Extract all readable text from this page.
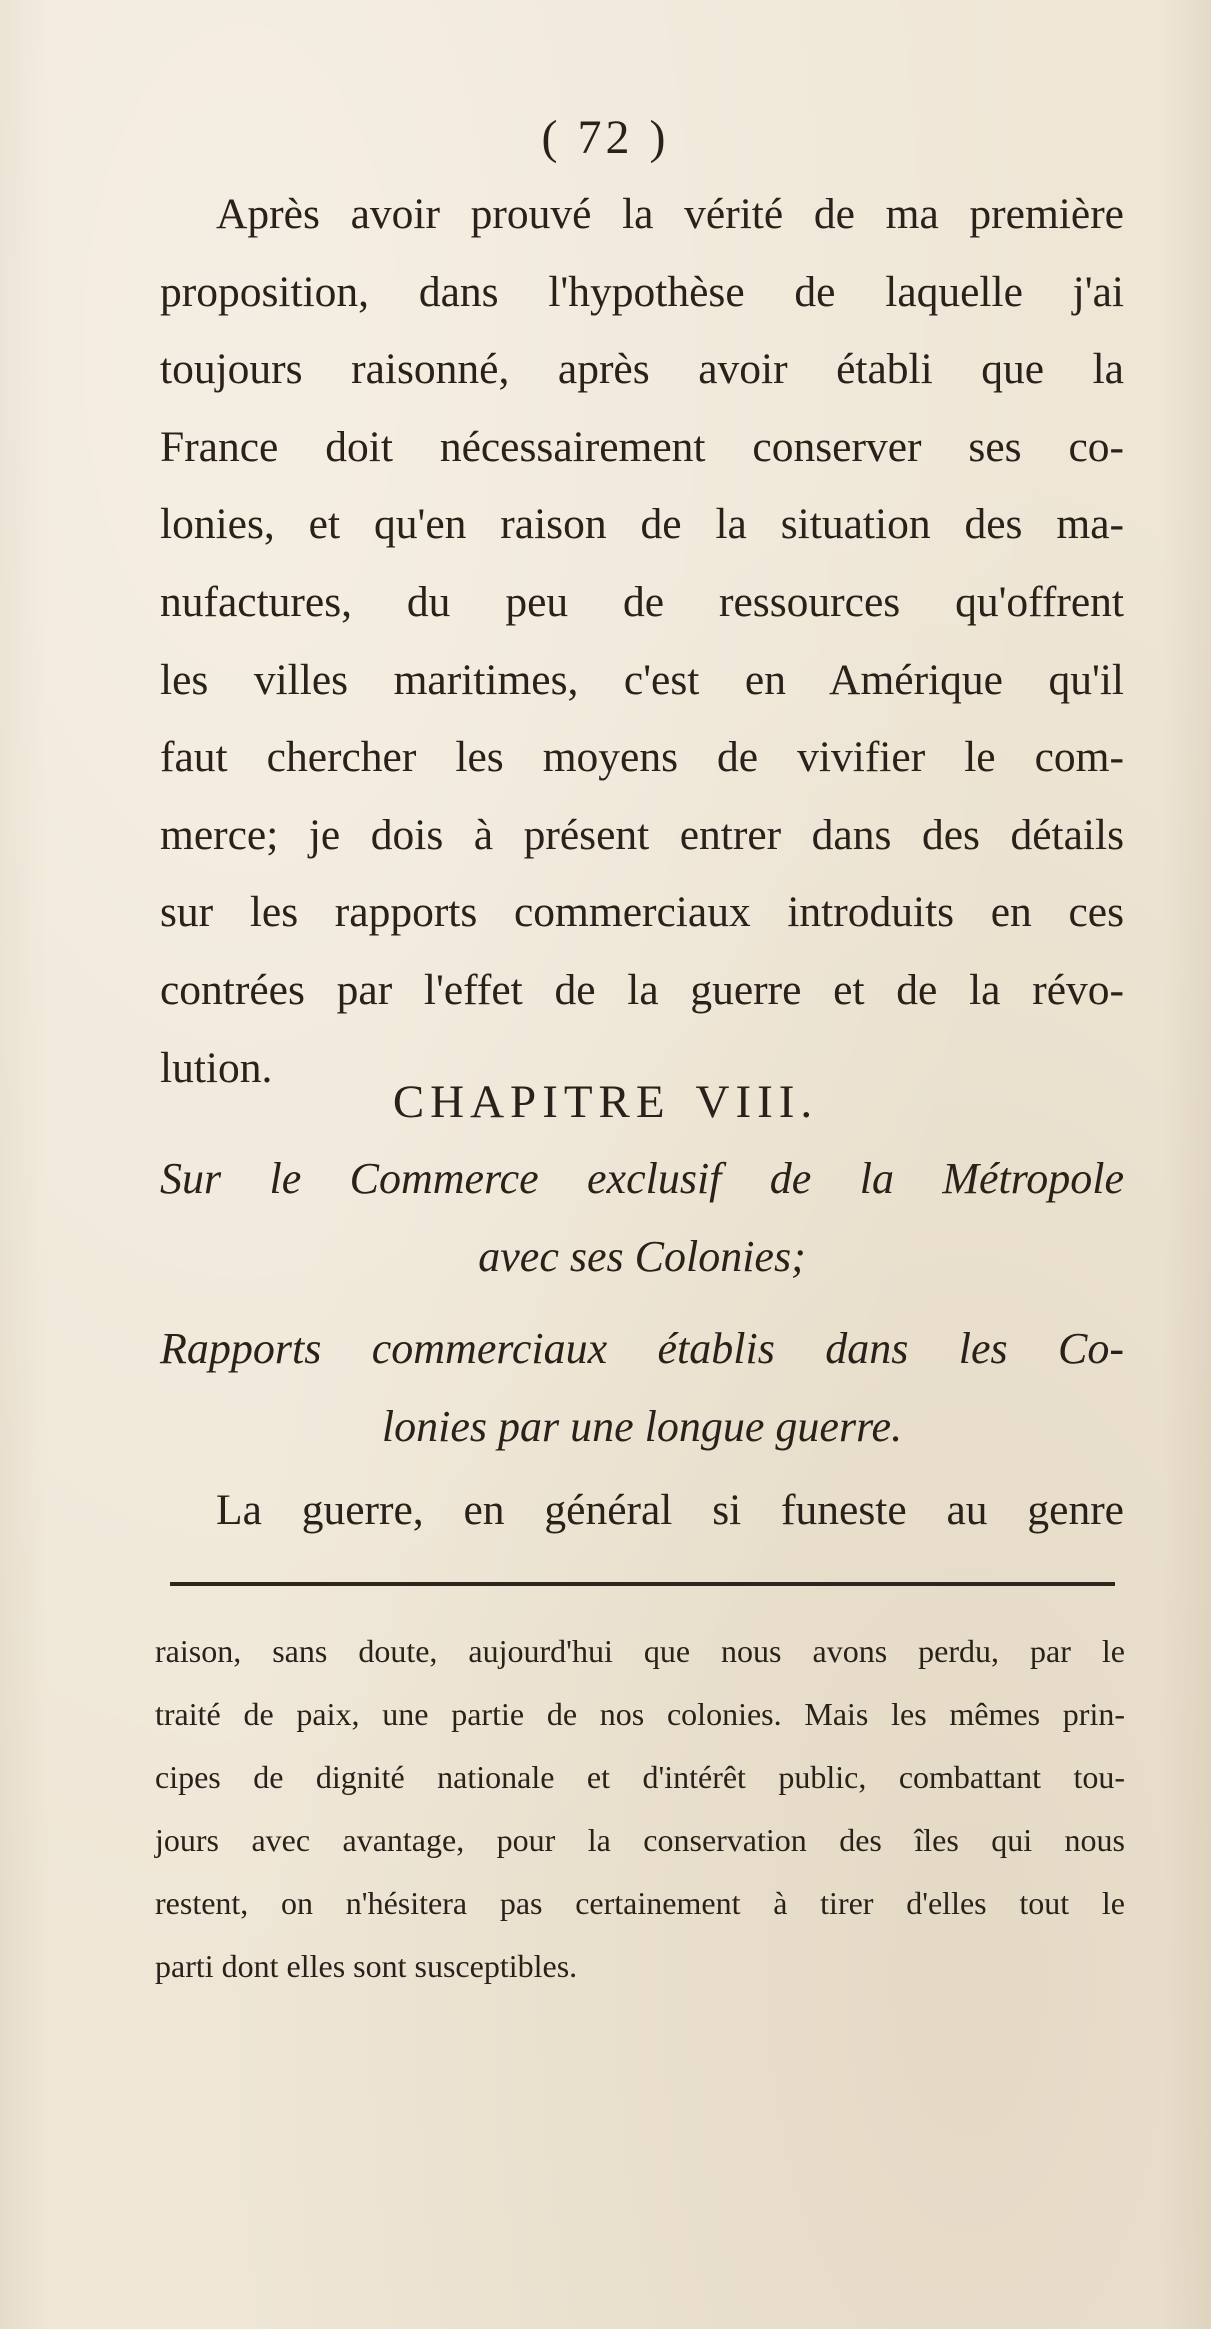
( 72 )
Après avoir prouvé la vérité de ma première
proposition, dans l'hypothèse de laquelle j'ai
toujours raisonné, après avoir établi que la
France doit nécessairement conserver ses co-
lonies, et qu'en raison de la situation des ma-
nufactures, du peu de ressources qu'offrent
les villes maritimes, c'est en Amérique qu'il
faut chercher les moyens de vivifier le com-
merce; je dois à présent entrer dans des détails
sur les rapports commerciaux introduits en ces
contrées par l'effet de la guerre et de la révo-
lution.
CHAPITRE VIII.
Sur le Commerce exclusif de la Métropole
avec ses Colonies;
Rapports commerciaux établis dans les Co-
lonies par une longue guerre.
La guerre, en général si funeste au genre
raison, sans doute, aujourd'hui que nous avons perdu, par le
traité de paix, une partie de nos colonies. Mais les mêmes prin-
cipes de dignité nationale et d'intérêt public, combattant tou-
jours avec avantage, pour la conservation des îles qui nous
restent, on n'hésitera pas certainement à tirer d'elles tout le
parti dont elles sont susceptibles.
